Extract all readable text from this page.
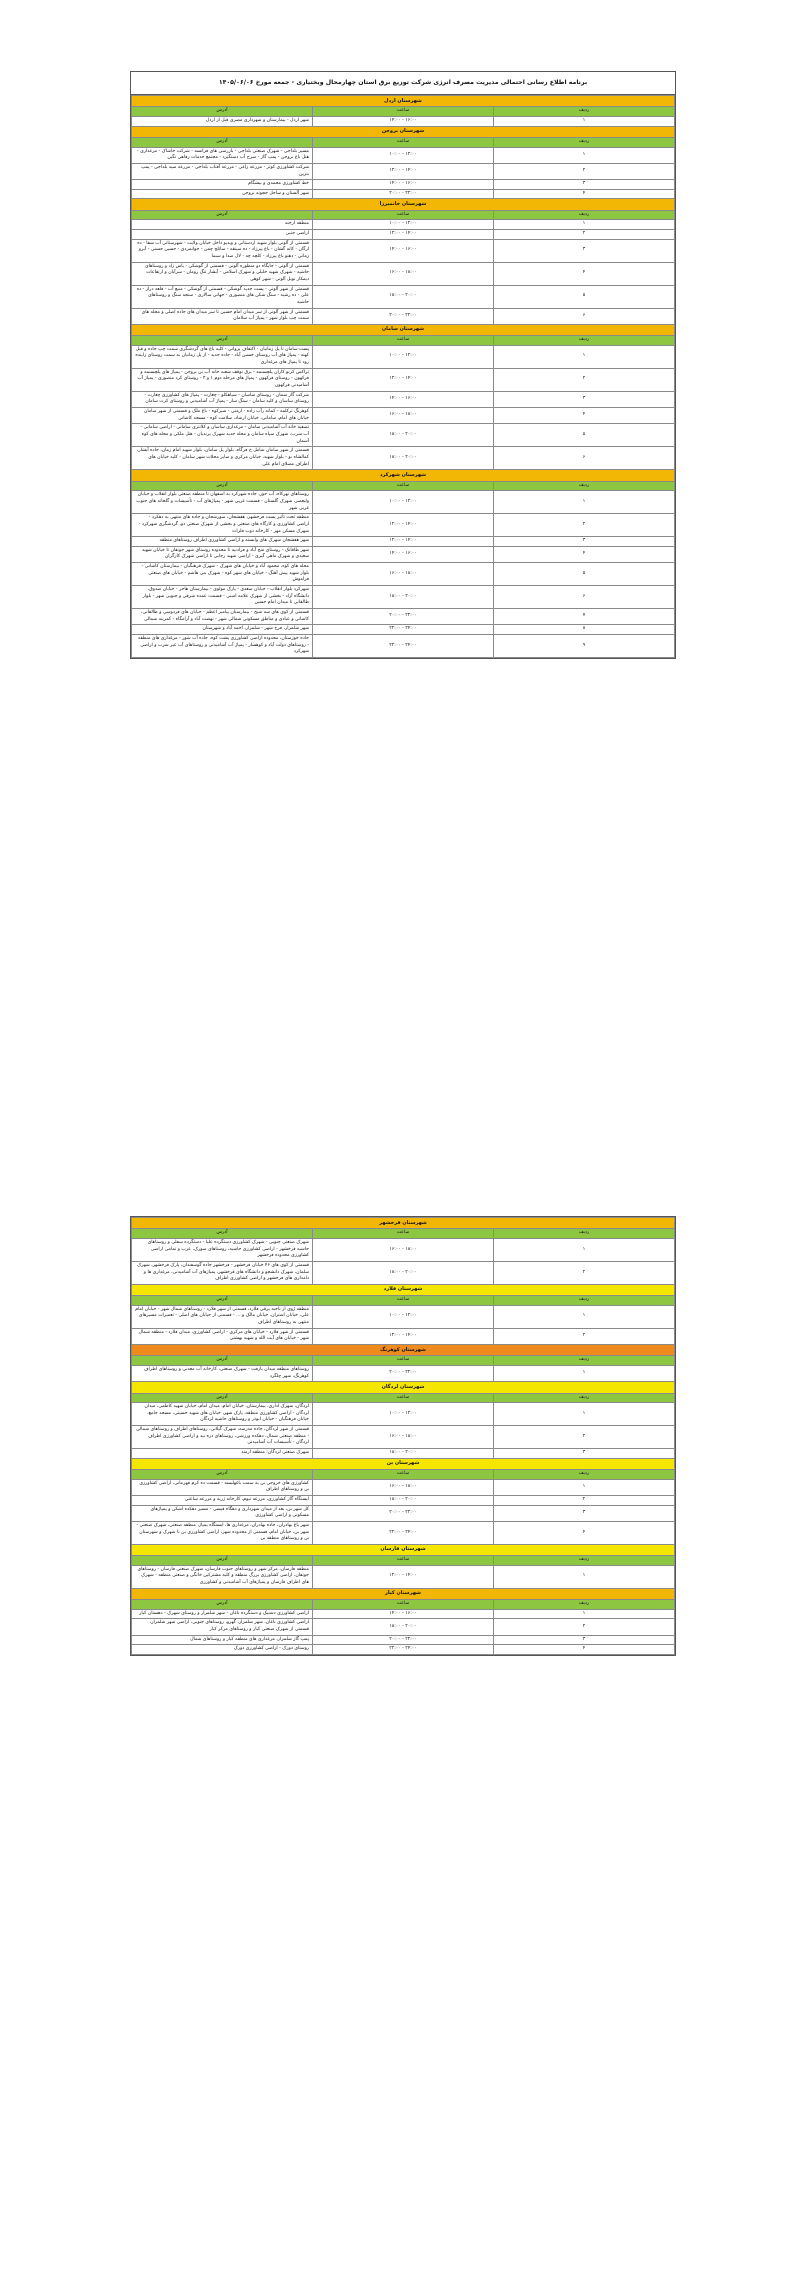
برنامه اطلاع رسانی احتمالی مدیریت مصرف انرژی شرکت توزیع برق استان چهارمحال وبختیاری - جمعه مورخ ۱۴۰۵/۰۶/۰۶
شهرستان اردل		
ردیف	ساعت	آدرس
۱	۱۴:۰۰ - ۱۶:۰۰	شهر اردل - بیمارستان و شهرداری مصری قبل از اردل
شهرستان بروجن		
ردیف	ساعت	آدرس
۱	۱۰:۰۰ - ۱۲:۰۰	مسیر بلداجی - شهرک صنعتی بلداجی - بازرسی های فرانسه - شرکت خاشاک - مرغداری - هتل باغ بروجن - پمپ گاز - سرخ آب دستگیرد - مجتمع خدمات رفاهی نگین
۲	۱۲:۰۰ - ۱۴:۰۰	شرکت کشاورزی کوثر - مزرعه زاغی - مزرعه آفتاب بلداجی - مزرعه سید بلداجی - پمپ بنزین
۳	۱۴:۰۰ - ۱۶:۰۰	خط کشاورزی محمدی و بیشگام
۴	۲۰:۰۰ - ۲۲:۰۰	شهر آلستان و ساحل ججونه بروجن
شهرستان خانمیرزا		
ردیف	ساعت	آدرس
۱	۱۰:۰۰ - ۱۲:۰۰	منطقه ارجنه
۲	۱۲:۰۰ - ۱۴:۰۰	اراضی جنبی
۳	۱۴:۰۰ - ۱۶:۰۰	قسمتی از آلونی بلوار شهید اردستانی و ویدیو داخل خیابان ولایت - شهرستانی آب شفا - ده ارگان - کانه گشان - باغ پیرزاد - ده سینقه - ساتلج چمن - جوانمردی - حسین حسنی - آبرو زمانی - دهنو باغ پیرزاد - کلچه چه - لال صدا و سیما
۴	۱۶:۰۰ - ۱۸:۰۰	قسمتی از آلونی - جایگاه دو منظوره آلونی - قسمتی از گوشکی - یاس زاد و روستاهای حاشیه - شهرک شهید خلیلی و شهرک اسلامی - آبشار تنگ رومان - سرآبان و ارتفاعات دیمکار نوبل آلونی - شهر کوهی
۵	۱۸:۰۰ - ۲۰:۰۰	قسمتی از شهر آلونی - پست جدید گوشکی - قسمتی از گوشکی - منبع آب - قلعه دراز - ده علی - ده رشید - سنگ شکن های منصوری - جهانی سالاری - سنجه سنگ و روستاهای حاشیه
۶	۲۰:۰۰ - ۲۲:۰۰	قسمتی از شهر آلونی از سر میدان امام حسین تا سر میدان های جاده اصلی و محله های سمت چپ بلوار شهر - پمپاژ آب سلامان
شهرستان سامان		
ردیف	ساعت	آدرس
۱	۱۰:۰۰ - ۱۲:۰۰	پست سامان تا پل زمانیان - اکتفاف پروانی - کلیه باغ های گردشگری سمت چپ جاده و قبل کهنه - پمپاژ های آب روستای حسین آباد - جاده جدید - از پل زمانیان به سمت روستای زاینده رود تا پمپاژ های مرغداری
۲	۱۲:۰۰ - ۱۴:۰۰	تراکس کرنو کاران پلچسنمه - برق توقف شعبه خانه آب بن بروجن - پمپاژ های پلچسنمه و فرکهون - روستای فرکهون - پمپاژ های مرحله دوم ۱ و ۲ - روستای کرد منصوری - پمپاژ آب آشامیدنی فرکهون
۳	۱۴:۰۰ - ۱۶:۰۰	شرکت گاز سمان - روستای ساسان - سیاهکلو - چغارت - پمپاژ های کشاورزی چغارت - روستای ساسان و کلیه سامان - سنگ ساز - پمپاژ آب آشامیدنی و روستای کرت سامان
۴	۱۶:۰۰ - ۱۸:۰۰	کوهرنگ ترکلمه - کمانه رآب زاده - ارمنی - شیرکوه - باغ ملک و قسمتی از شهر سامان خیابان های امام، سامانی، خیابان ارشاد، سلامت کوه - مسجد کاشانی
۵	۱۸:۰۰ - ۲۰:۰۰	تصفیه خانه آب آشامیدنی سامان - مرغداری ساسان و کلانتری سامانی - اراضی سامانی - آب شرب، شهرک سپاه سامان و محله جدید شهرک پرندیان - هتل ملکی و محله های کوه آسمان
۶	۱۸:۰۰ - ۲۰:۰۰	قسمتی از شهر سامان شامل خ فرگاه، بلوار پل سامان، بلوار شهید امام زمان، جاده آبشار، کمالشاه نو - بلوار شهید، خیابان مرکزی و سایر محلات شهر سامان - کلیه خیابان های اطراف مصلای امام علی
شهرستان شهرکرد		
ردیف	ساعت	آدرس
۱	۱۰:۰۰ - ۱۲:۰۰	روستاهای نهرکاه، آب حور، جاده شهرکرد به اصفهان تا منطقه صنعتی بلوار انقلاب و خیابان ولیعصر، شهرک گلستان - قسمت غربی شهر - پمپاژهای آب - تأسیسات و گلخانه های جنوب غربی شهر
۲	۱۲:۰۰ - ۱۴:۰۰	منطقه تحت تأثیر پست فرخشهر، هفشجان، سورشجان و جاده های منتهی به دهکرد - اراضی کشاورزی و کارگاه های صنعتی و بخشی از شهرک صنعتی دو، گردشگری شهرکرد - شهرک مسکن مهر - کارخانه ذوب فلزات
۳	۱۲:۰۰ - ۱۴:۰۰	شهر هفشجان شهرک های وابسته و اراضی کشاورزی اطراف روستاهای منطقه
۴	۱۴:۰۰ - ۱۶:۰۰	شهر طاقانک - روستای منح آباد و فرادنبه تا محدوده روستای شهر جونقان تا خیابان شهید سعیدی و شهرک ماهی گیری - اراضی شهید رجایی تا اراضی شهرک کارگران
۵	۱۶:۰۰ - ۱۸:۰۰	محله های کوه، محمود آباد و خیابان های شهرک - شهرک فرهنگیان - بیمارستان کاشانی - بلوار شهید پیش آهنگ - خیابان های شهر کوه - شهرک بنی هاشم - خیابان های صنعتی فراموش
۶	۱۸:۰۰ - ۲۰:۰۰	شهرکرد بلوار انقلاب - خیابان سعدی - پارک مولوی - بیمارستان هاجر - خیابان صدوق، دانشگاه آزاد - بخشی از شهرک علامه امینی - قسمت عمده شرقی و جنوبی شهر - بلوار طالقانی تا میدان امام حسین
۷	۲۰:۰۰ - ۲۲:۰۰	قسمتی از کوی های سه شیخ - بیمارستان پیامبر اعظم - خیابان های فردوسی و طالقانی، کاشانی و عبادی و مناطق مسکونی شمالی شهر - نهضت آباد و آرامگاه - کمربند شمالی
۸	۲۲:۰۰ - ۲۴:۰۰	شهر شلمزار، فرخ شهر - شلمزار، احمد آباد و شهرستان
۹	۲۲:۰۰ - ۲۴:۰۰	جاده خوزستان، محدوده اراضی کشاورزی پشت کوه، جاده آب شور - مرغداری های منطقه - روستاهای دولت آباد و کوهسار - پمپاژ آب آشامیدنی و روستاهای آب غیر شرب و اراضی شهرکرد
شهرستان فرخشهر		
ردیف	ساعت	آدرس
۱	۱۶:۰۰ - ۱۸:۰۰	شهرک صنعتی جنوبی - شهرک کشاورزی دستگرده علیا - دستگرده سفلی و روستاهای حاشیه فرخشهر - اراضی کشاورزی حاشیه، روستاهای سورک، عرب و تمامی اراضی کشاورزی محدوده فرخشهر
۲	۱۸:۰۰ - ۲۰:۰۰	قسمتی از کوی های ۴۶ خیابان فرخشهر - فرخشهر جاده گوسفندان، پارک فرخشهر، شهرک سلمان، شهرک دانشجو و دانشگاه های فرخشهر، پمپاژهای آب آشامیدنی، مرغداری ها و دامداری های فرخشهر و اراضی کشاورزی اطراف
شهرستان فلارد		
ردیف	ساعت	آدرس
۱	۱۰:۰۰ - ۱۲:۰۰	منطقه رُوی از ناحیه برقی فلارد، قسمتی از شهر فلارد - روستاهای شمال شهر - خیابان امام علی، خیابان اشتران، خیابان مالک و ... - قسمتی از خیابان های اصلی - تعمیرات مسیرهای منتهی به روستاهای اطراف
۲	۱۲:۰۰ - ۱۴:۰۰	قسمتی از شهر فلارد - خیابان های مرکزی - اراضی کشاورزی، میدان فلارد - منطقه شمال شهر - خیابان های آیت الله و شهید بهشتی
شهرستان کوهرنگ		
ردیف	ساعت	آدرس
۱	۲۰:۰۰ - ۲۲:۰۰	روستاهای منطقه میدان بازفت - شهرک صنعتی، کارخانه آب معدنی و روستاهای اطراف کوهرنگ، شهر چلگرد
شهرستان لردگان		
ردیف	ساعت	آدرس
۱	۱۰:۰۰ - ۱۲:۰۰	لردگان، شهرک اداری، بیمارستان، خیابان امام، میدان امام، خیابان شهید کاظمی، میدان لردگان - اراضی کشاورزی منطقه، پارک شهر، خیابان های شهید حسینی، مسجد جامع، خیابان فرهنگیان - خیابان ابوذر و روستاهای حاشیه لردگان
۲	۱۶:۰۰ - ۱۸:۰۰	قسمتی از شهر لردگان، جاده مدرسه، شهرک گیلانی، روستاهای اطراف و روستاهای شمالی - منطقه صنعتی شمال، دهکده ورزشی، روستاهای دره بید و اراضی کشاورزی اطراف لردگان - تأسیسات آب آشامیدنی
۳	۱۸:۰۰ - ۲۰:۰۰	شهرک صنعتی لردگان: منطقه ارمند
شهرستان بن		
ردیف	ساعت	آدرس
۱	۱۶:۰۰ - ۱۸:۰۰	کشاورزی های خروجی بن به سمت باغهلیسه - قسمت ده کرم قهرمانی، اراضی کشاورزی بن و روستاهای اطراف
۲	۱۸:۰۰ - ۲۰:۰۰	ایستگاه گاز کشاورزی، مزرعه تیوم، کارخانه ژربه و مزرعه ساعتی
۳	۲۰:۰۰ - ۲۲:۰۰	کل شهر بن، بعد از میدان شهرداری و دهگاه قیسی - مسیر دهکده اشکن و پمپاژهای مسکونی و اراضی کشاورزی
۴	۲۲:۰۰ - ۲۴:۰۰	شهر باغ بهادران، جاده بهادران، مرغداری ها، ایستگاه پمپاژ، منطقه صنعتی، شهرک صنعتی - شهر بن، خیابان امام، قسمتی از محدوده شهر، اراضی کشاورزی بن تا شهرک و شهرستان بن و روستاهای منطقه بن
شهرستان فارسان		
ردیف	ساعت	آدرس
۱	۱۲:۰۰ - ۱۴:۰۰	منطقه فارسان، مرکز شهر و روستاهای جنوب فارسان، شهرک صنعتی فارسان - روستاهای جونقان، اراضی کشاورزی بزرگ منطقه و کلیه مشترکین خانگی و صنعتی منطقه - شهرک های اطراف فارسان و پمپاژهای آب آشامیدنی و کشاورزی
شهرستان کیار		
ردیف	ساعت	آدرس
۱	۱۴:۰۰ - ۱۶:۰۰	اراضی کشاورزی دشتیک و دستگرده ناغان - شهر شلمزار و روستای شهرک - دهستان کیار
۲	۱۸:۰۰ - ۲۰:۰۰	اراضی کشاورزی ناغان، شهر شلمزار، گهرو، روستاهای جنوبی، اراضی شهر شلمزار، قسمتی از شهرک صنعتی کیار و روستاهای مرکز کیار
۳	۲۰:۰۰ - ۲۲:۰۰	پمپ گاز شلمزار، مرغداری های منطقه کیار و روستاهای شمال
۴	۲۲:۰۰ - ۲۴:۰۰	روستای دورک - اراضی کشاورزی دورک
